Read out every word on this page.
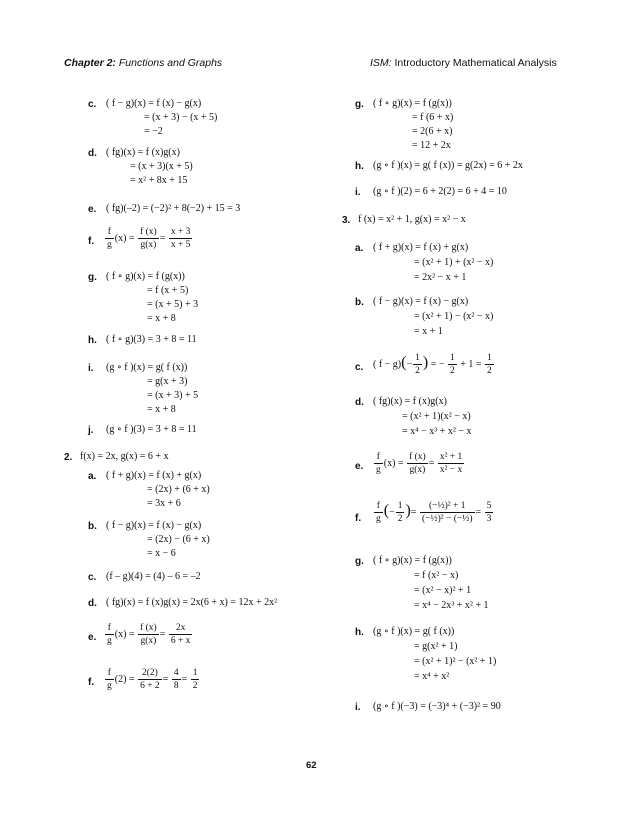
Chapter 2: Functions and Graphs	ISM: Introductory Mathematical Analysis
c. ( f − g)(x) = f (x) − g(x)
= (x + 3) − (x + 5)
= −2
d. ( fg)(x) = f (x)g(x)
= (x + 3)(x + 5)
= x² + 8x + 15
e. ( fg)(–2) = (−2)² + 8(−2) + 15 = 3
f. $\frac{f}{g} (x) = \frac{f (x)}{g(x)} = \frac{x + 3}{x + 5}$
g. ( f ∘ g)(x) = f (g(x))
= f (x + 5)
= (x + 5) + 3
= x + 8
h. ( f ∘ g)(3) = 3 + 8 = 11
i. (g ∘ f )(x) = g( f (x))
= g(x + 3)
= (x + 3) + 5
= x + 8
j. (g ∘ f )(3) = 3 + 8 = 11
2. f(x) = 2x, g(x) = 6 + x
a. ( f + g)(x) = f (x) + g(x)
= (2x) + (6 + x)
= 3x + 6
b. ( f − g)(x) = f (x) − g(x)
= (2x) − (6 + x)
= x − 6
c. (f – g)(4) = (4) – 6 = –2
d. ( fg)(x) = f (x)g(x) = 2x(6 + x) = 12x + 2x²
e. $\frac{f}{g} (x) = \frac{f (x)}{g(x)} = \frac{2x}{6 + x}$
f. $\frac{f}{g} (2) = \frac{2(2)}{6 + 2} = \frac{4}{8} = \frac{1}{2}$
g. ( f ∘ g)(x) = f (g(x))
= f (6 + x)
= 2(6 + x)
= 12 + 2x
h. (g ∘ f )(x) = g( f (x)) = g(2x) = 6 + 2x
i. (g ∘ f )(2) = 6 + 2(2) = 6 + 4 = 10
3. f (x) = x² + 1, g(x) = x² − x
a. ( f + g)(x) = f (x) + g(x)
= (x² + 1) + (x² − x)
= 2x² − x + 1
b. ( f − g)(x) = f (x) − g(x)
= (x² + 1) − (x² − x)
= x + 1
c. ( $f - g)(- \frac{1}{2}$ ) = − $\frac{1}{2} + 1 = \frac{1}{2}$
d. ( fg)(x) = f (x)g(x)
= (x² + 1)(x² − x)
= x⁴ − x³ + x² − x
e. $\frac{f}{g} (x) = \frac{f (x)}{g(x)} = \frac{\text{x² + 1}}{\text{x² − x}}$
f. $\frac{f}{g}$ (− $\frac{1}{2}$ )= $\frac{\text{(−½)² + 1}}{\text{(−½)² − (−½)}} = \frac{5}{3}$
g. ( f ∘ g)(x) = f (g(x))
= f (x² − x)
= (x² − x)² + 1
= x⁴ − 2x³ + x² + 1
h. (g ∘ f )(x) = g( f (x))
= g(x² + 1)
= (x² + 1)² − (x² + 1)
= x⁴ + x²
i. (g ∘ f )(−3) = (−3)⁴ + (−3)² = 90
62
